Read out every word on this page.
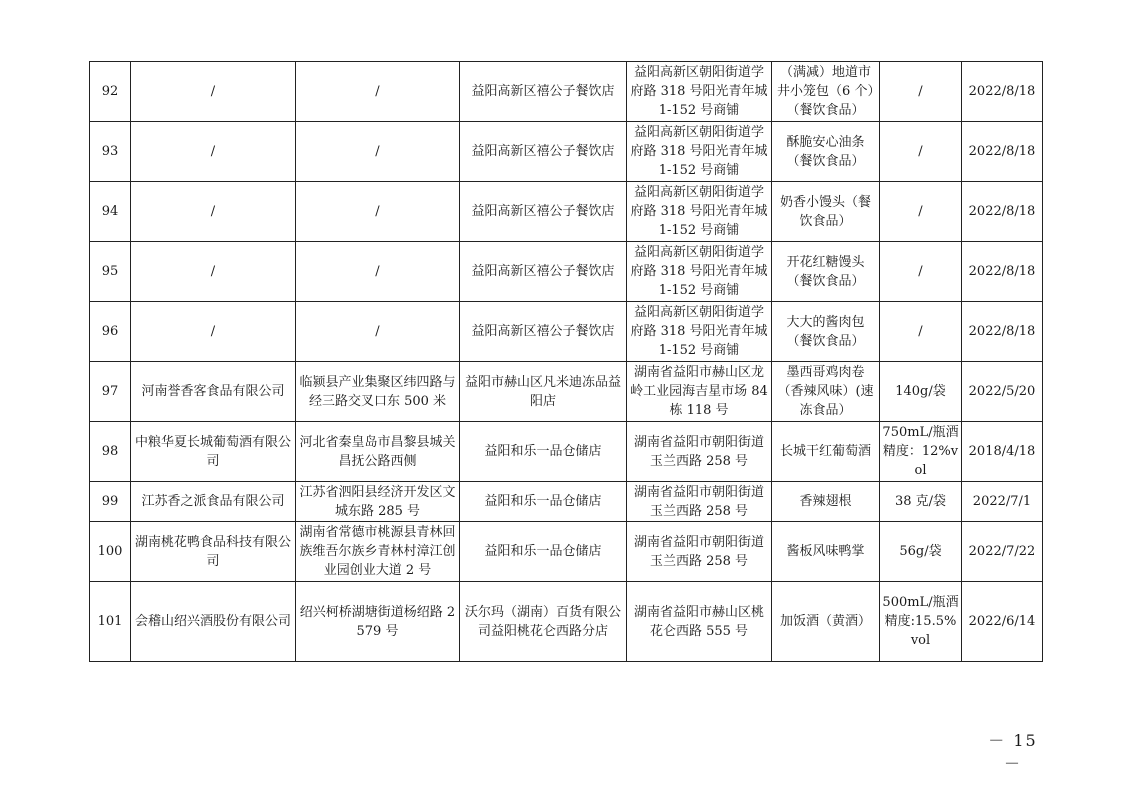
92	/	/	益阳高新区禧公子餐饮店	益阳高新区朝阳街道学府路 318 号阳光青年城 1-152 号商铺	（满减）地道市井小笼包（6 个）（餐饮食品）	/	2022/8/18
93	/	/	益阳高新区禧公子餐饮店	益阳高新区朝阳街道学府路 318 号阳光青年城 1-152 号商铺	酥脆安心油条（餐饮食品）	/	2022/8/18
94	/	/	益阳高新区禧公子餐饮店	益阳高新区朝阳街道学府路 318 号阳光青年城 1-152 号商铺	奶香小馒头（餐饮食品）	/	2022/8/18
95	/	/	益阳高新区禧公子餐饮店	益阳高新区朝阳街道学府路 318 号阳光青年城 1-152 号商铺	开花红糖馒头（餐饮食品）	/	2022/8/18
96	/	/	益阳高新区禧公子餐饮店	益阳高新区朝阳街道学府路 318 号阳光青年城 1-152 号商铺	大大的酱肉包（餐饮食品）	/	2022/8/18
97	河南誉香客食品有限公司	临颍县产业集聚区纬四路与经三路交叉口东 500 米	益阳市赫山区凡米迪冻品益阳店	湖南省益阳市赫山区龙岭工业园海吉星市场 84 栋 118 号	墨西哥鸡肉卷（香辣风味）(速冻食品）	140g/袋	2022/5/20
98	中粮华夏长城葡萄酒有限公司	河北省秦皇岛市昌黎县城关昌抚公路西侧	益阳和乐一品仓储店	湖南省益阳市朝阳街道玉兰西路 258 号	长城干红葡萄酒	750mL/瓶酒精度：12%vol	2018/4/18
99	江苏香之派食品有限公司	江苏省泗阳县经济开发区文城东路 285 号	益阳和乐一品仓储店	湖南省益阳市朝阳街道玉兰西路 258 号	香辣翅根	38 克/袋	2022/7/1
100	湖南桃花鸭食品科技有限公司	湖南省常德市桃源县青林回族维吾尔族乡青林村漳江创业园创业大道 2 号	益阳和乐一品仓储店	湖南省益阳市朝阳街道玉兰西路 258 号	酱板风味鸭掌	56g/袋	2022/7/22
101	会稽山绍兴酒股份有限公司	绍兴柯桥湖塘街道杨绍路 2579 号	沃尔玛（湖南）百货有限公司益阳桃花仑西路分店	湖南省益阳市赫山区桃花仑西路 555 号	加饭酒（黄酒）	500mL/瓶酒精度:15.5%vol	2022/6/14
－ 15 －
